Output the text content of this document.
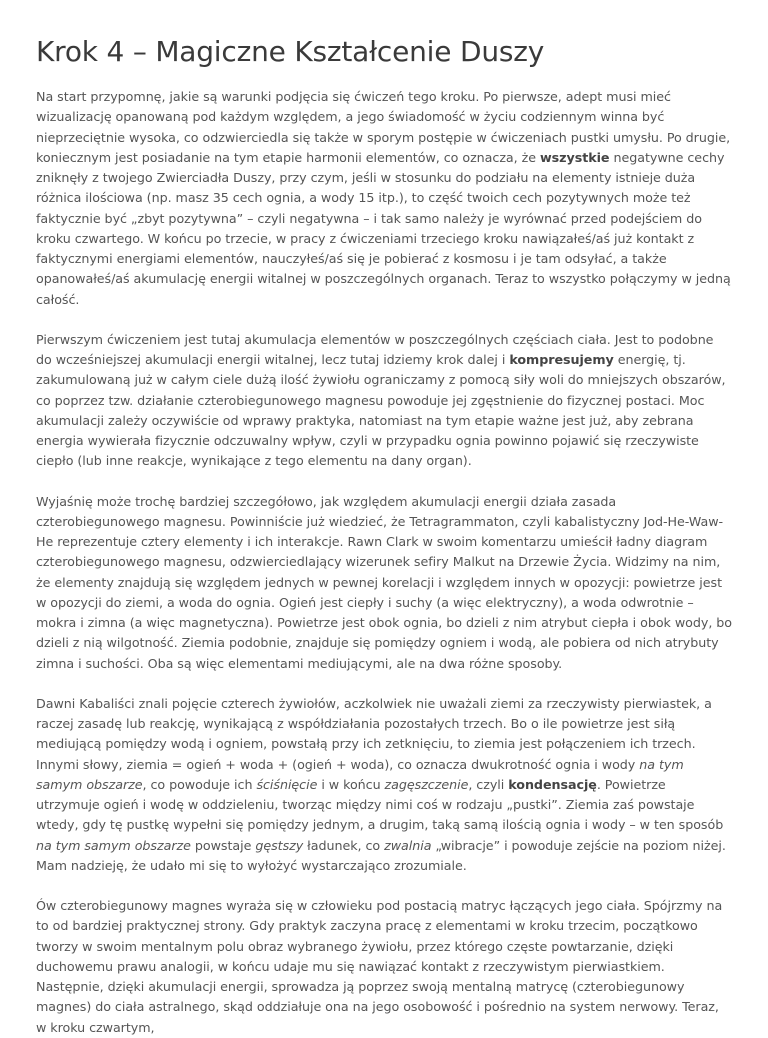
Krok 4 – Magiczne Kształcenie Duszy

Na start przypomnę, jakie są warunki podjęcia się ćwiczeń tego kroku. Po pierwsze, adept musi mieć wizualizację opanowaną pod każdym względem, a jego świadomość w życiu codziennym winna być nieprzeciętnie wysoka, co odzwierciedla się także w sporym postępie w ćwiczeniach pustki umysłu. Po drugie, koniecznym jest posiadanie na tym etapie harmonii elementów, co oznacza, że wszystkie negatywne cechy zniknęły z twojego Zwierciadła Duszy, przy czym, jeśli w stosunku do podziału na elementy istnieje duża różnica ilościowa (np. masz 35 cech ognia, a wody 15 itp.), to część twoich cech pozytywnych może też faktycznie być „zbyt pozytywna” – czyli negatywna – i tak samo należy je wyrównać przed podejściem do kroku czwartego. W końcu po trzecie, w pracy z ćwiczeniami trzeciego kroku nawiązałeś/aś już kontakt z faktycznymi energiami elementów, nauczyłeś/aś się je pobierać z kosmosu i je tam odsyłać, a także opanowałeś/aś akumulację energii witalnej w poszczególnych organach. Teraz to wszystko połączymy w jedną całość.

Pierwszym ćwiczeniem jest tutaj akumulacja elementów w poszczególnych częściach ciała. Jest to podobne do wcześniejszej akumulacji energii witalnej, lecz tutaj idziemy krok dalej i kompresujemy energię, tj. zakumulowaną już w całym ciele dużą ilość żywiołu ograniczamy z pomocą siły woli do mniejszych obszarów, co poprzez tzw. działanie czterobiegunowego magnesu powoduje jej zgęstnienie do fizycznej postaci. Moc akumulacji zależy oczywiście od wprawy praktyka, natomiast na tym etapie ważne jest już, aby zebrana energia wywierała fizycznie odczuwalny wpływ, czyli w przypadku ognia powinno pojawić się rzeczywiste ciepło (lub inne reakcje, wynikające z tego elementu na dany organ).

Wyjaśnię może trochę bardziej szczegółowo, jak względem akumulacji energii działa zasada czterobiegunowego magnesu. Powinniście już wiedzieć, że Tetragrammaton, czyli kabalistyczny Jod-He-Waw-He reprezentuje cztery elementy i ich interakcje. Rawn Clark w swoim komentarzu umieścił ładny diagram czterobiegunowego magnesu, odzwierciedlający wizerunek sefiry Malkut na Drzewie Życia. Widzimy na nim, że elementy znajdują się względem jednych w pewnej korelacji i względem innych w opozycji: powietrze jest w opozycji do ziemi, a woda do ognia. Ogień jest ciepły i suchy (a więc elektryczny), a woda odwrotnie – mokra i zimna (a więc magnetyczna). Powietrze jest obok ognia, bo dzieli z nim atrybut ciepła i obok wody, bo dzieli z nią wilgotność. Ziemia podobnie, znajduje się pomiędzy ogniem i wodą, ale pobiera od nich atrybuty zimna i suchości. Oba są więc elementami mediującymi, ale na dwa różne sposoby.

Dawni Kabaliści znali pojęcie czterech żywiołów, aczkolwiek nie uważali ziemi za rzeczywisty pierwiastek, a raczej zasadę lub reakcję, wynikającą z współdziałania pozostałych trzech. Bo o ile powietrze jest siłą mediującą pomiędzy wodą i ogniem, powstałą przy ich zetknięciu, to ziemia jest połączeniem ich trzech. Innymi słowy, ziemia = ogień + woda + (ogień + woda), co oznacza dwukrotność ognia i wody na tym samym obszarze, co powoduje ich ściśnięcie i w końcu zagęszczenie, czyli kondensację. Powietrze utrzymuje ogień i wodę w oddzieleniu, tworząc między nimi coś w rodzaju „pustki”. Ziemia zaś powstaje wtedy, gdy tę pustkę wypełni się pomiędzy jednym, a drugim, taką samą ilością ognia i wody – w ten sposób na tym samym obszarze powstaje gęstszy ładunek, co zwalnia „wibracje” i powoduje zejście na poziom niżej. Mam nadzieję, że udało mi się to wyłożyć wystarczająco zrozumiale.

Ów czterobiegunowy magnes wyraża się w człowieku pod postacią matryc łączących jego ciała. Spójrzmy na to od bardziej praktycznej strony. Gdy praktyk zaczyna pracę z elementami w kroku trzecim, początkowo tworzy w swoim mentalnym polu obraz wybranego żywiołu, przez którego częste powtarzanie, dzięki duchowemu prawu analogii, w końcu udaje mu się nawiązać kontakt z rzeczywistym pierwiastkiem. Następnie, dzięki akumulacji energii, sprowadza ją poprzez swoją mentalną matrycę (czterobiegunowy magnes) do ciała astralnego, skąd oddziałuje ona na jego osobowość i pośrednio na system nerwowy. Teraz, w kroku czwartym,
